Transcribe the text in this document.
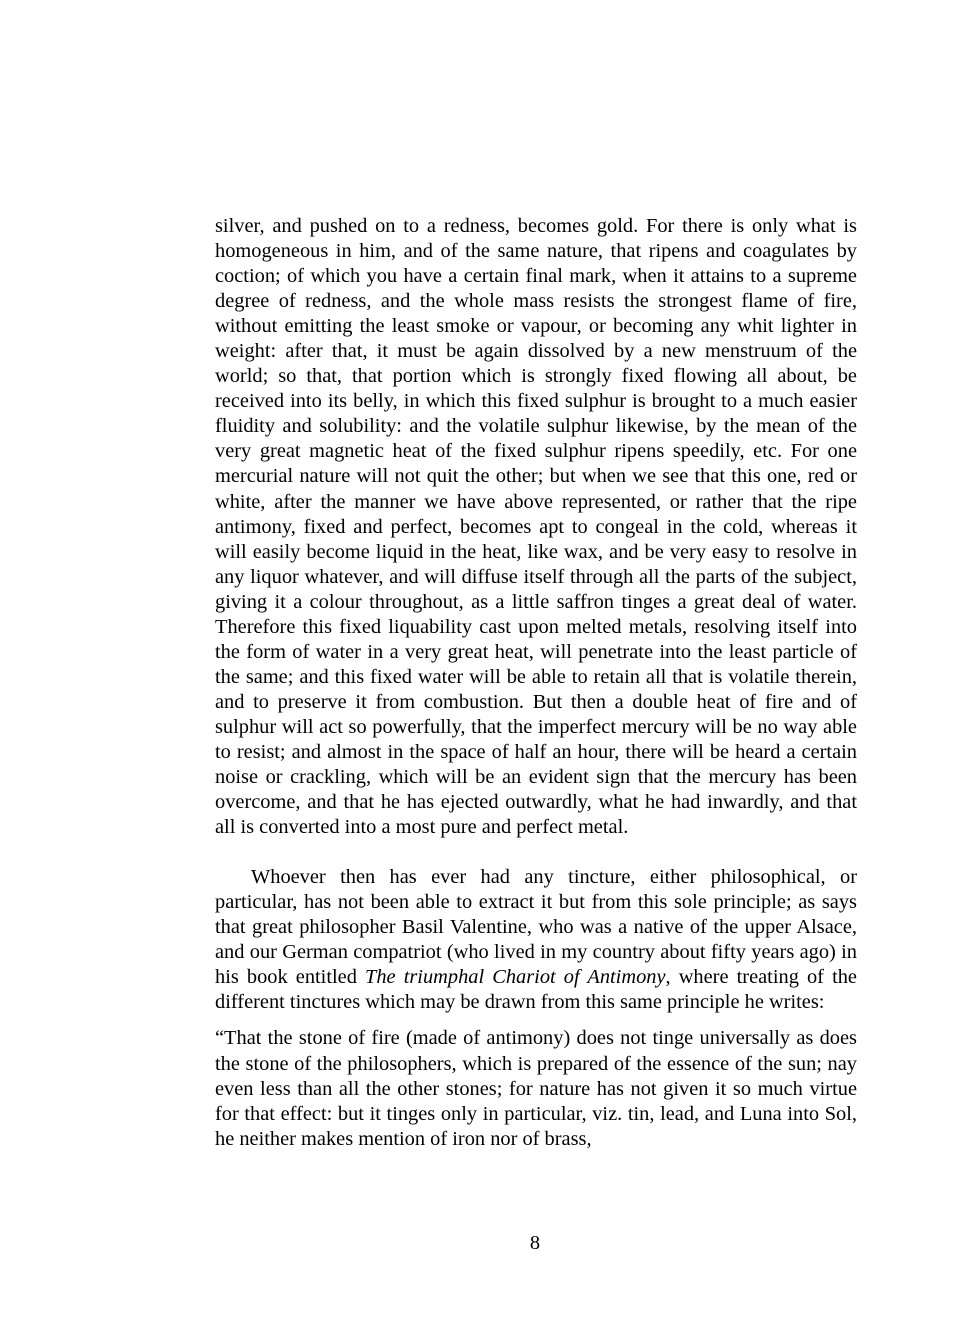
silver, and pushed on to a redness, becomes gold. For there is only what is homogeneous in him, and of the same nature, that ripens and coagulates by coction; of which you have a certain final mark, when it attains to a supreme degree of redness, and the whole mass resists the strongest flame of fire, without emitting the least smoke or vapour, or becoming any whit lighter in weight: after that, it must be again dissolved by a new menstruum of the world; so that, that portion which is strongly fixed flowing all about, be received into its belly, in which this fixed sulphur is brought to a much easier fluidity and solubility: and the volatile sulphur likewise, by the mean of the very great magnetic heat of the fixed sulphur ripens speedily, etc. For one mercurial nature will not quit the other; but when we see that this one, red or white, after the manner we have above represented, or rather that the ripe antimony, fixed and perfect, becomes apt to congeal in the cold, whereas it will easily become liquid in the heat, like wax, and be very easy to resolve in any liquor whatever, and will diffuse itself through all the parts of the subject, giving it a colour throughout, as a little saffron tinges a great deal of water. Therefore this fixed liquability cast upon melted metals, resolving itself into the form of water in a very great heat, will penetrate into the least particle of the same; and this fixed water will be able to retain all that is volatile therein, and to preserve it from combustion. But then a double heat of fire and of sulphur will act so powerfully, that the imperfect mercury will be no way able to resist; and almost in the space of half an hour, there will be heard a certain noise or crackling, which will be an evident sign that the mercury has been overcome, and that he has ejected outwardly, what he had inwardly, and that all is converted into a most pure and perfect metal.

Whoever then has ever had any tincture, either philosophical, or particular, has not been able to extract it but from this sole principle; as says that great philosopher Basil Valentine, who was a native of the upper Alsace, and our German compatriot (who lived in my country about fifty years ago) in his book entitled The triumphal Chariot of Antimony, where treating of the different tinctures which may be drawn from this same principle he writes:

“That the stone of fire (made of antimony) does not tinge universally as does the stone of the philosophers, which is prepared of the essence of the sun; nay even less than all the other stones; for nature has not given it so much virtue for that effect: but it tinges only in particular, viz. tin, lead, and Luna into Sol, he neither makes mention of iron nor of brass,

8
